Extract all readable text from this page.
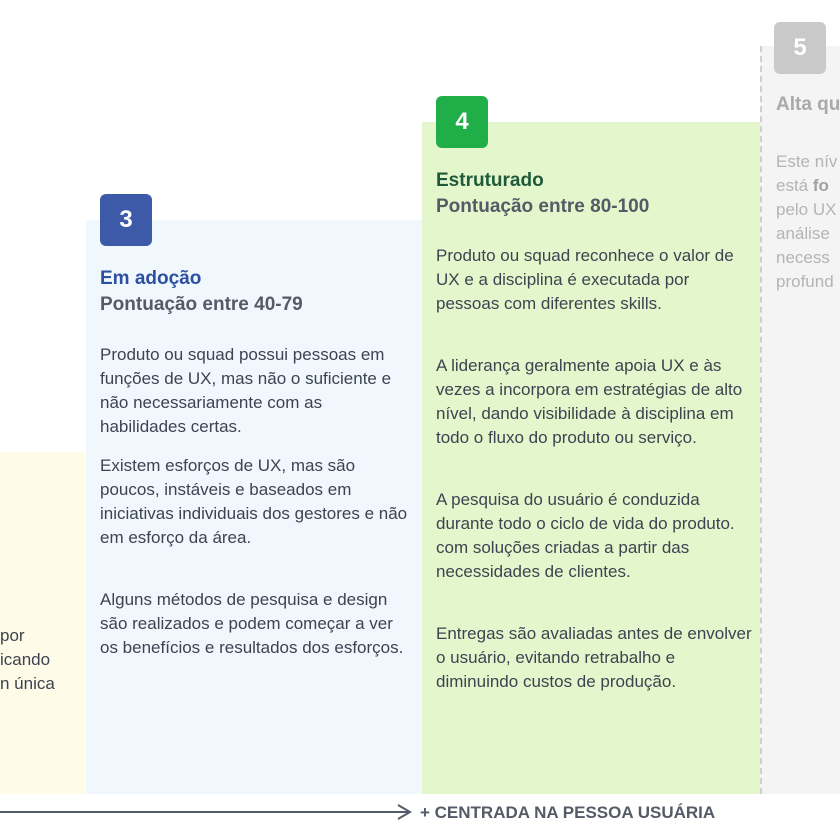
por
icando
n única
3
Em adoção
Pontuação entre 40-79

Produto ou squad possui pessoas em funções de UX, mas não o suficiente e não necessariamente com as habilidades certas.

Existem esforços de UX, mas são poucos, instáveis e baseados em iniciativas individuais dos gestores e não em esforço da área.

Alguns métodos de pesquisa e design são realizados e podem começar a ver os benefícios e resultados dos esforços.

4
Estruturado
Pontuação entre 80-100

Produto ou squad reconhece o valor de UX e a disciplina é executada por pessoas com diferentes skills.

A liderança geralmente apoia UX e às vezes a incorpora em estratégias de alto nível, dando visibilidade à disciplina em todo o fluxo do produto ou serviço.

A pesquisa do usuário é conduzida durante todo o ciclo de vida do produto. com soluções criadas a partir das necessidades de clientes.

Entregas são avaliadas antes de envolver o usuário, evitando retrabalho e diminuindo custos de produção.

5
Alta qu
Este nív
está fo
pelo UX
análise
necess
profund
+ CENTRADA NA PESSOA USUÁRIA
